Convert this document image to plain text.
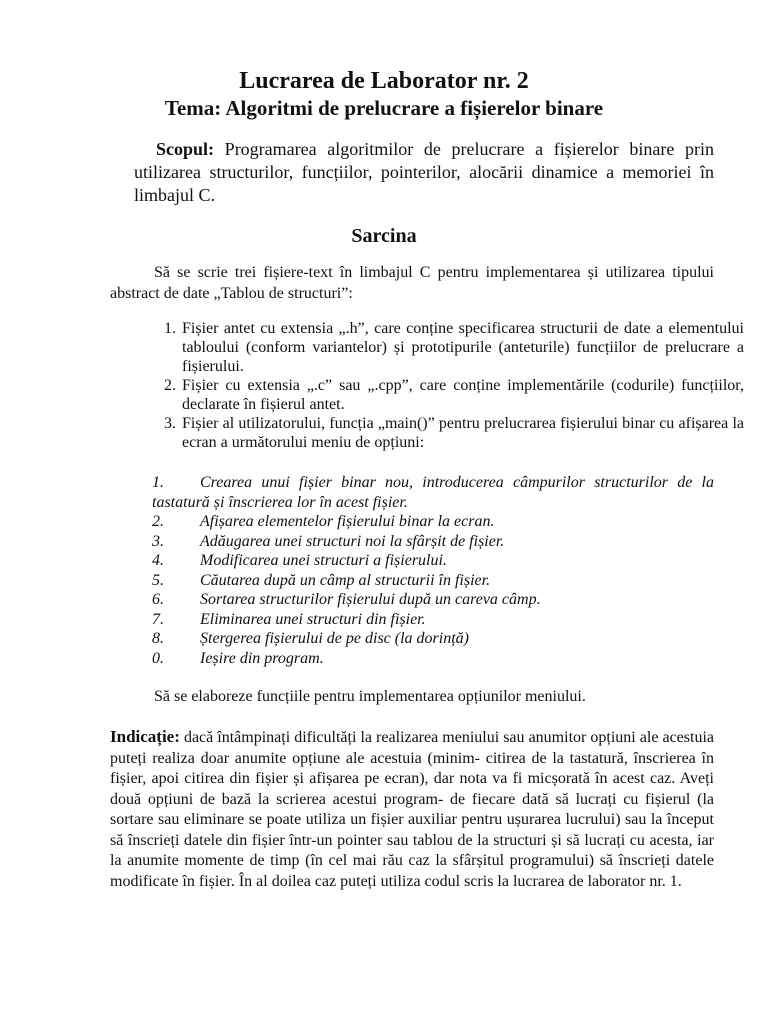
Lucrarea de Laborator nr. 2
Tema: Algoritmi de prelucrare a fișierelor binare
Scopul: Programarea algoritmilor de prelucrare a fișierelor binare prin utilizarea structurilor, funcțiilor, pointerilor, alocării dinamice a memoriei în limbajul C.
Sarcina
Să se scrie trei fișiere-text în limbajul C pentru implementarea și utilizarea tipului abstract de date „Tablou de structuri”:
1. Fișier antet cu extensia „.h”, care conține specificarea structurii de date a elementului tabloului (conform variantelor) și prototipurile (anteturile) funcțiilor de prelucrare a fișierului.
2. Fișier cu extensia „.c” sau „.cpp”, care conține implementările (codurile) funcțiilor, declarate în fișierul antet.
3. Fișier al utilizatorului, funcția „main()” pentru prelucrarea fișierului binar cu afișarea la ecran a următorului meniu de opțiuni:
1. Crearea unui fișier binar nou, introducerea câmpurilor structurilor de la tastatură și înscrierea lor în acest fișier.
2.	Afișarea elementelor fișierului binar la ecran.
3.	Adăugarea unei structuri noi la sfârșit de fișier.
4.	Modificarea unei structuri a fișierului.
5.	Căutarea după un câmp al structurii în fișier.
6.	Sortarea structurilor fișierului după un careva câmp.
7.	Eliminarea unei structuri din fișier.
8.	Ștergerea fișierului de pe disc (la dorință)
0.	Ieșire din program.
Să se elaboreze funcțiile pentru implementarea opțiunilor meniului.
Indicație: dacă întâmpinați dificultăți la realizarea meniului sau anumitor opțiuni ale acestuia puteți realiza doar anumite opțiune ale acestuia (minim- citirea de la tastatură, înscrierea în fișier, apoi citirea din fișier și afișarea pe ecran), dar nota va fi micșorată în acest caz. Aveți două opțiuni de bază la scrierea acestui program- de fiecare dată să lucrați cu fișierul (la sortare sau eliminare se poate utiliza un fișier auxiliar pentru ușurarea lucrului) sau la început să înscrieți datele din fișier într-un pointer sau tablou de la structuri și să lucrați cu acesta, iar la anumite momente de timp (în cel mai rău caz la sfârșitul programului) să înscrieți datele modificate în fișier. În al doilea caz puteți utiliza codul scris la lucrarea de laborator nr. 1.
